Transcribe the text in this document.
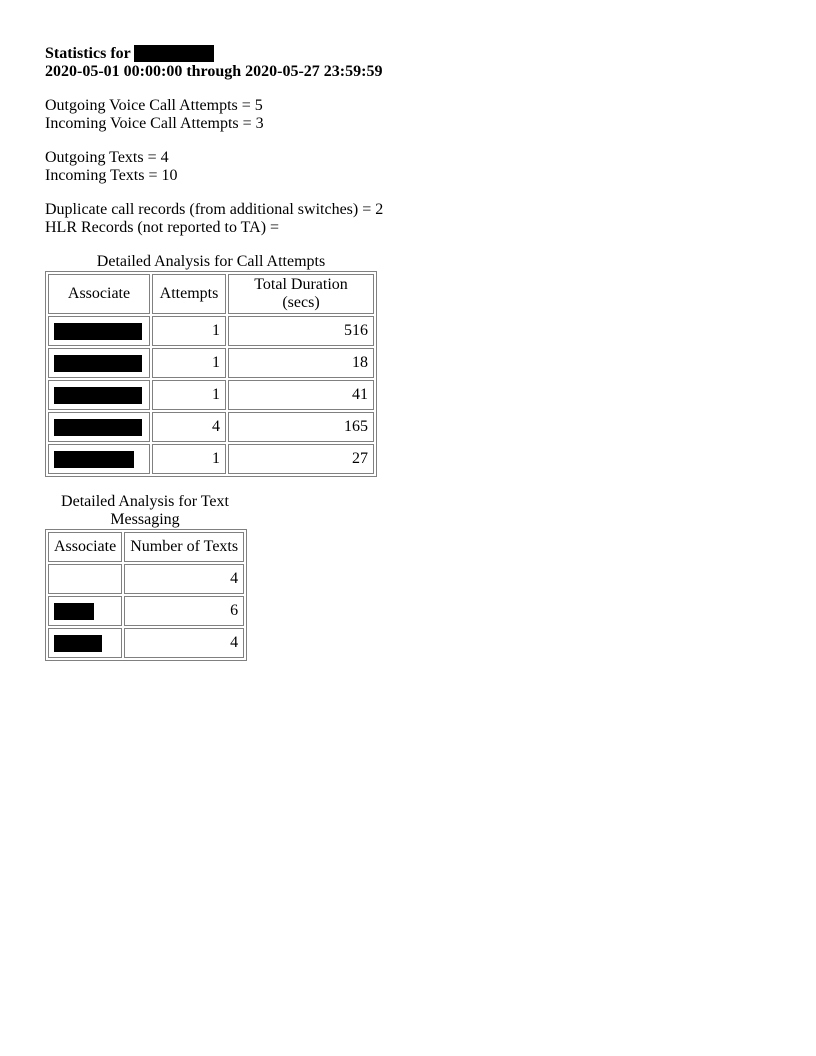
Statistics for
2020-05-01 00:00:00 through 2020-05-27 23:59:59
Outgoing Voice Call Attempts = 5
Incoming Voice Call Attempts = 3
Outgoing Texts = 4
Incoming Texts = 10
Duplicate call records (from additional switches) = 2
HLR Records (not reported to TA) =
Detailed Analysis for Call Attempts
Associate	Attempts	Total Duration (secs)
	1	516
	1	18
	1	41
	4	165
	1	27
Detailed Analysis for Text Messaging
Associate	Number of Texts
	4
	6
	4
